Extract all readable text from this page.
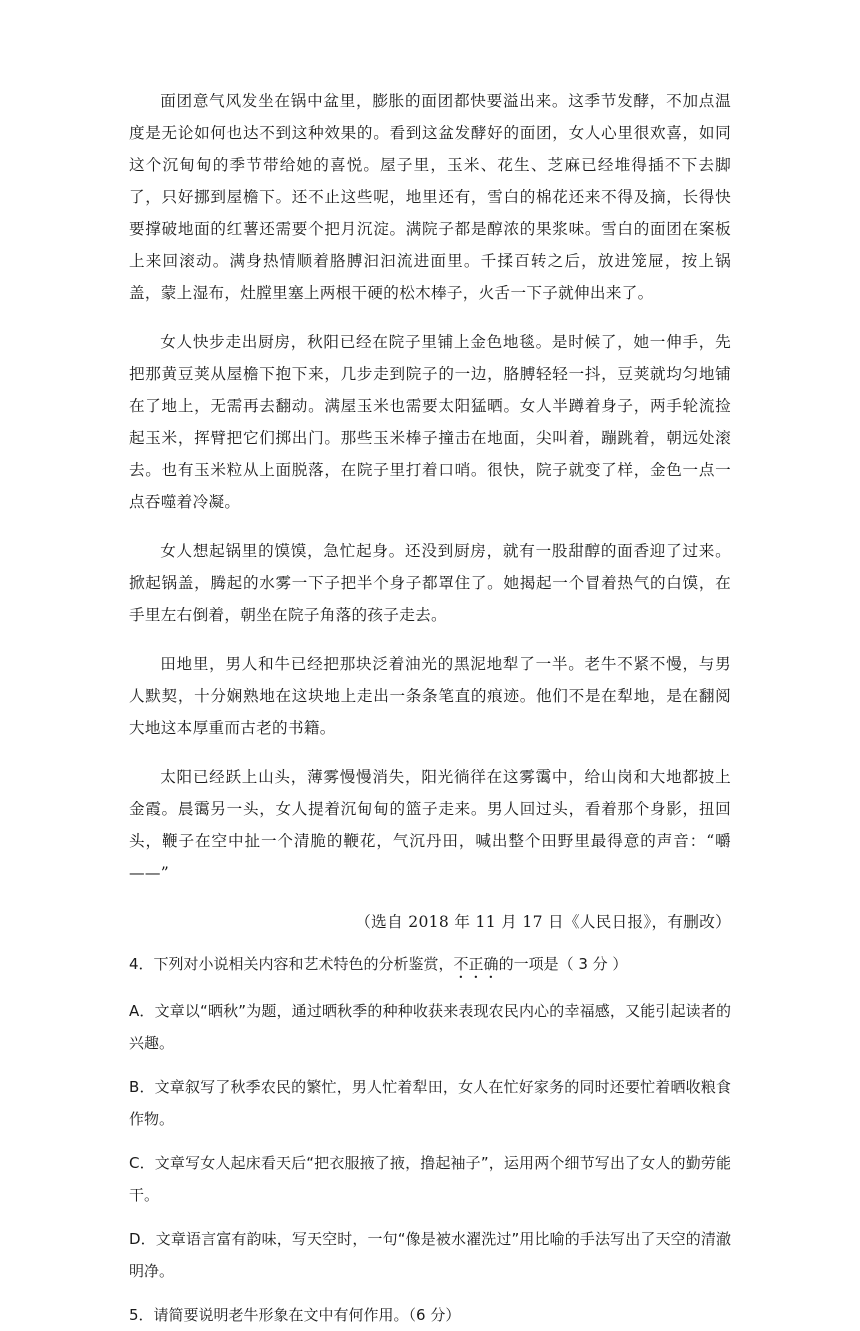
面团意气风发坐在锅中盆里，膨胀的面团都快要溢出来。这季节发酵，不加点温度是无论如何也达不到这种效果的。看到这盆发酵好的面团，女人心里很欢喜，如同这个沉甸甸的季节带给她的喜悦。屋子里，玉米、花生、芝麻已经堆得插不下去脚了，只好挪到屋檐下。还不止这些呢，地里还有，雪白的棉花还来不得及摘，长得快要撑破地面的红薯还需要个把月沉淀。满院子都是醇浓的果浆味。雪白的面团在案板上来回滚动。满身热情顺着胳膊汩汩流进面里。千揉百转之后，放进笼屉，按上锅盖，蒙上湿布，灶膛里塞上两根干硬的松木棒子，火舌一下子就伸出来了。

女人快步走出厨房，秋阳已经在院子里铺上金色地毯。是时候了，她一伸手，先把那黄豆荚从屋檐下抱下来，几步走到院子的一边，胳膊轻轻一抖，豆荚就均匀地铺在了地上，无需再去翻动。满屋玉米也需要太阳猛晒。女人半蹲着身子，两手轮流捡起玉米，挥臂把它们掷出门。那些玉米棒子撞击在地面，尖叫着，蹦跳着，朝远处滚去。也有玉米粒从上面脱落，在院子里打着口哨。很快，院子就变了样，金色一点一点吞噬着冷凝。

女人想起锅里的馍馍，急忙起身。还没到厨房，就有一股甜醇的面香迎了过来。掀起锅盖，腾起的水雾一下子把半个身子都罩住了。她揭起一个冒着热气的白馍，在手里左右倒着，朝坐在院子角落的孩子走去。

田地里，男人和牛已经把那块泛着油光的黑泥地犁了一半。老牛不紧不慢，与男人默契，十分娴熟地在这块地上走出一条条笔直的痕迹。他们不是在犁地，是在翻阅大地这本厚重而古老的书籍。

太阳已经跃上山头，薄雾慢慢消失，阳光徜徉在这雾霭中，给山岗和大地都披上金霞。晨霭另一头，女人提着沉甸甸的篮子走来。男人回过头，看着那个身影，扭回头，鞭子在空中扯一个清脆的鞭花，气沉丹田，喊出整个田野里最得意的声音：“嚼——”

（选自 2018 年 11 月 17 日《人民日报》，有删改）

4．下列对小说相关内容和艺术特色的分析鉴赏，不正确的一项是（ 3 分 ）

A．文章以“晒秋”为题，通过晒秋季的种种收获来表现农民内心的幸福感，又能引起读者的兴趣。

B．文章叙写了秋季农民的繁忙，男人忙着犁田，女人在忙好家务的同时还要忙着晒收粮食作物。

C．文章写女人起床看天后“把衣服掖了掖，撸起袖子”，运用两个细节写出了女人的勤劳能干。

D．文章语言富有韵味，写天空时，一句“像是被水濯洗过”用比喻的手法写出了天空的清澈明净。

5．请简要说明老牛形象在文中有何作用。（6 分）
